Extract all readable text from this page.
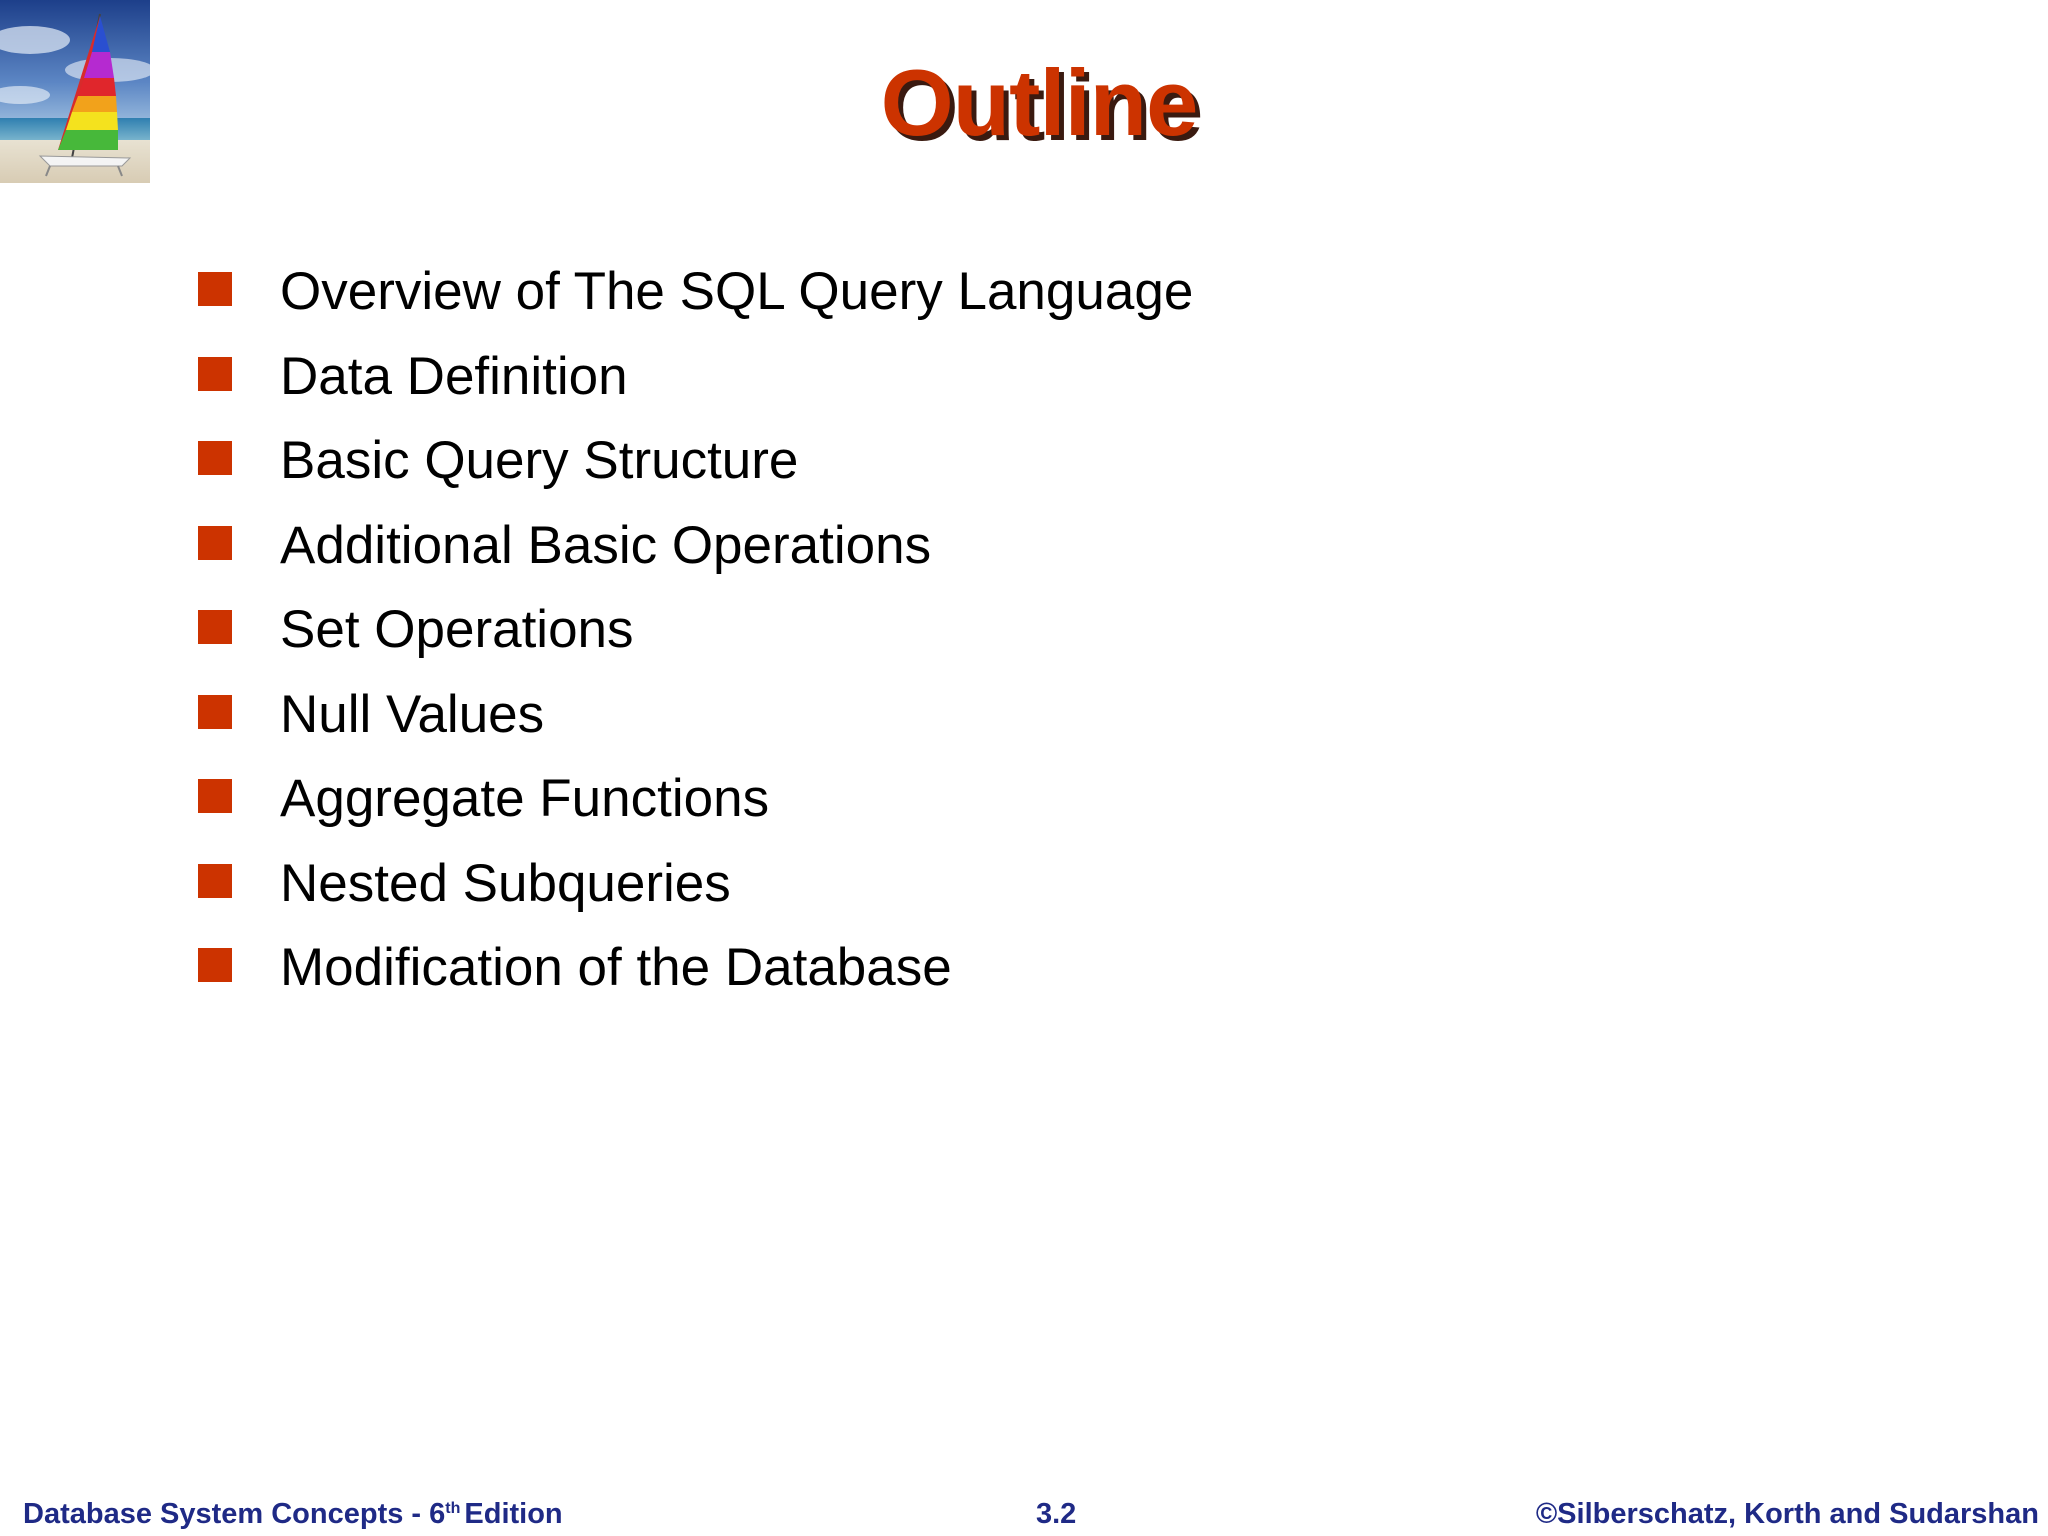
Outline
Overview of The SQL Query Language
Data Definition
Basic Query Structure
Additional Basic Operations
Set Operations
Null Values
Aggregate Functions
Nested Subqueries
Modification of the Database
Database System Concepts - 6th Edition	3.2	©Silberschatz, Korth and Sudarshan
